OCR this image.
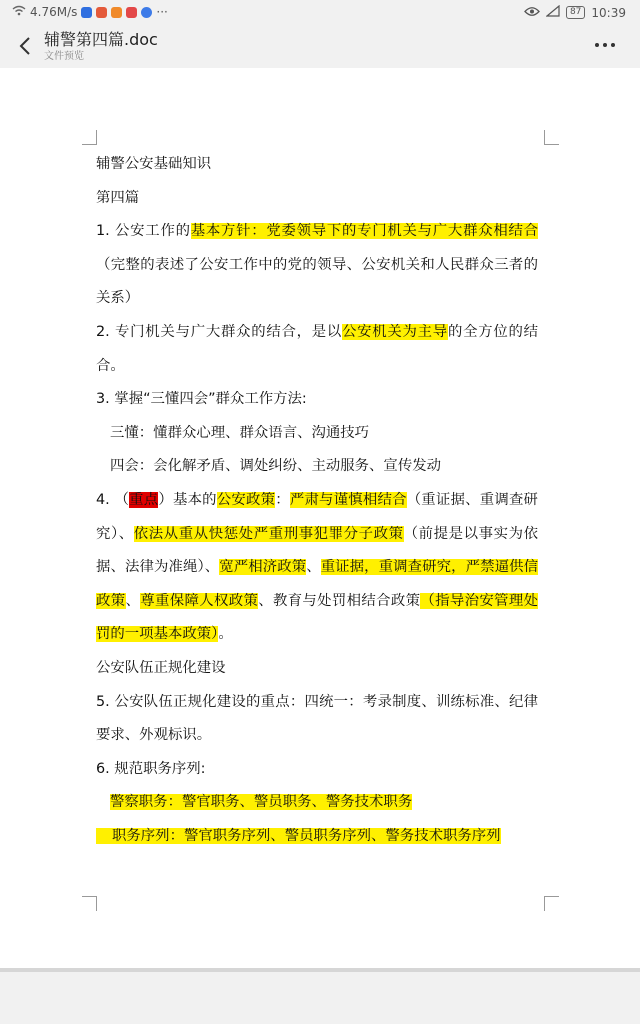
4.76M/s	···	87 10:39
辅警第四篇.doc
文件预览

辅警公安基础知识

第四篇

1. 公安工作的基本方针：党委领导下的专门机关与广大群众相结合（完整的表述了公安工作中的党的领导、公安机关和人民群众三者的关系）

2. 专门机关与广大群众的结合，是以公安机关为主导的全方位的结合。

3. 掌握“三懂四会”群众工作方法:

三懂：懂群众心理、群众语言、沟通技巧

四会：会化解矛盾、调处纠纷、主动服务、宣传发动

4. （重点）基本的公安政策：严肃与谨慎相结合（重证据、重调查研究）、依法从重从快惩处严重刑事犯罪分子政策（前提是以事实为依据、法律为准绳）、宽严相济政策、重证据，重调查研究，严禁逼供信政策、尊重保障人权政策、教育与处罚相结合政策（指导治安管理处罚的一项基本政策）。

公安队伍正规化建设

5. 公安队伍正规化建设的重点：四统一：考录制度、训练标准、纪律要求、外观标识。

6. 规范职务序列:

警察职务：警官职务、警员职务、警务技术职务

职务序列：警官职务序列、警员职务序列、警务技术职务序列
